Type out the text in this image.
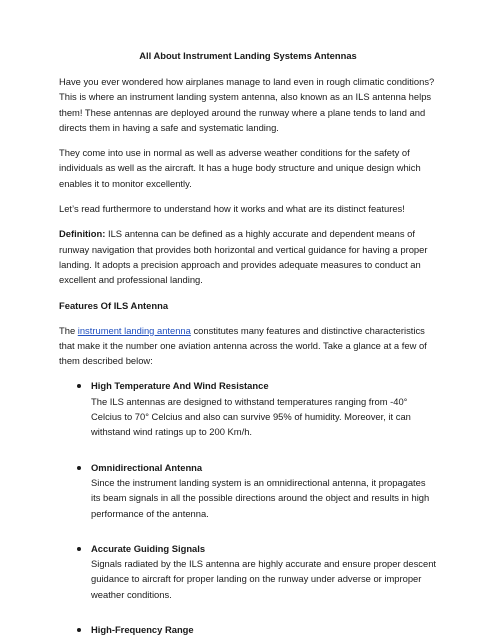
All About Instrument Landing Systems Antennas

Have you ever wondered how airplanes manage to land even in rough climatic conditions? This is where an instrument landing system antenna, also known as an ILS antenna helps them! These antennas are deployed around the runway where a plane tends to land and directs them in having a safe and systematic landing.

They come into use in normal as well as adverse weather conditions for the safety of individuals as well as the aircraft. It has a huge body structure and unique design which enables it to monitor excellently.

Let’s read furthermore to understand how it works and what are its distinct features!

Definition: ILS antenna can be defined as a highly accurate and dependent means of runway navigation that provides both horizontal and vertical guidance for having a proper landing. It adopts a precision approach and provides adequate measures to conduct an excellent and professional landing.

Features Of ILS Antenna

The instrument landing antenna constitutes many features and distinctive characteristics that make it the number one aviation antenna across the world. Take a glance at a few of them described below:

High Temperature And Wind Resistance
The ILS antennas are designed to withstand temperatures ranging from -40° Celcius to 70° Celcius and also can survive 95% of humidity. Moreover, it can withstand wind ratings up to 200 Km/h.
Omnidirectional Antenna
Since the instrument landing system is an omnidirectional antenna, it propagates its beam signals in all the possible directions around the object and results in high performance of the antenna.
Accurate Guiding Signals
Signals radiated by the ILS antenna are highly accurate and ensure proper descent guidance to aircraft for proper landing on the runway under adverse or improper weather conditions.
High-Frequency Range
